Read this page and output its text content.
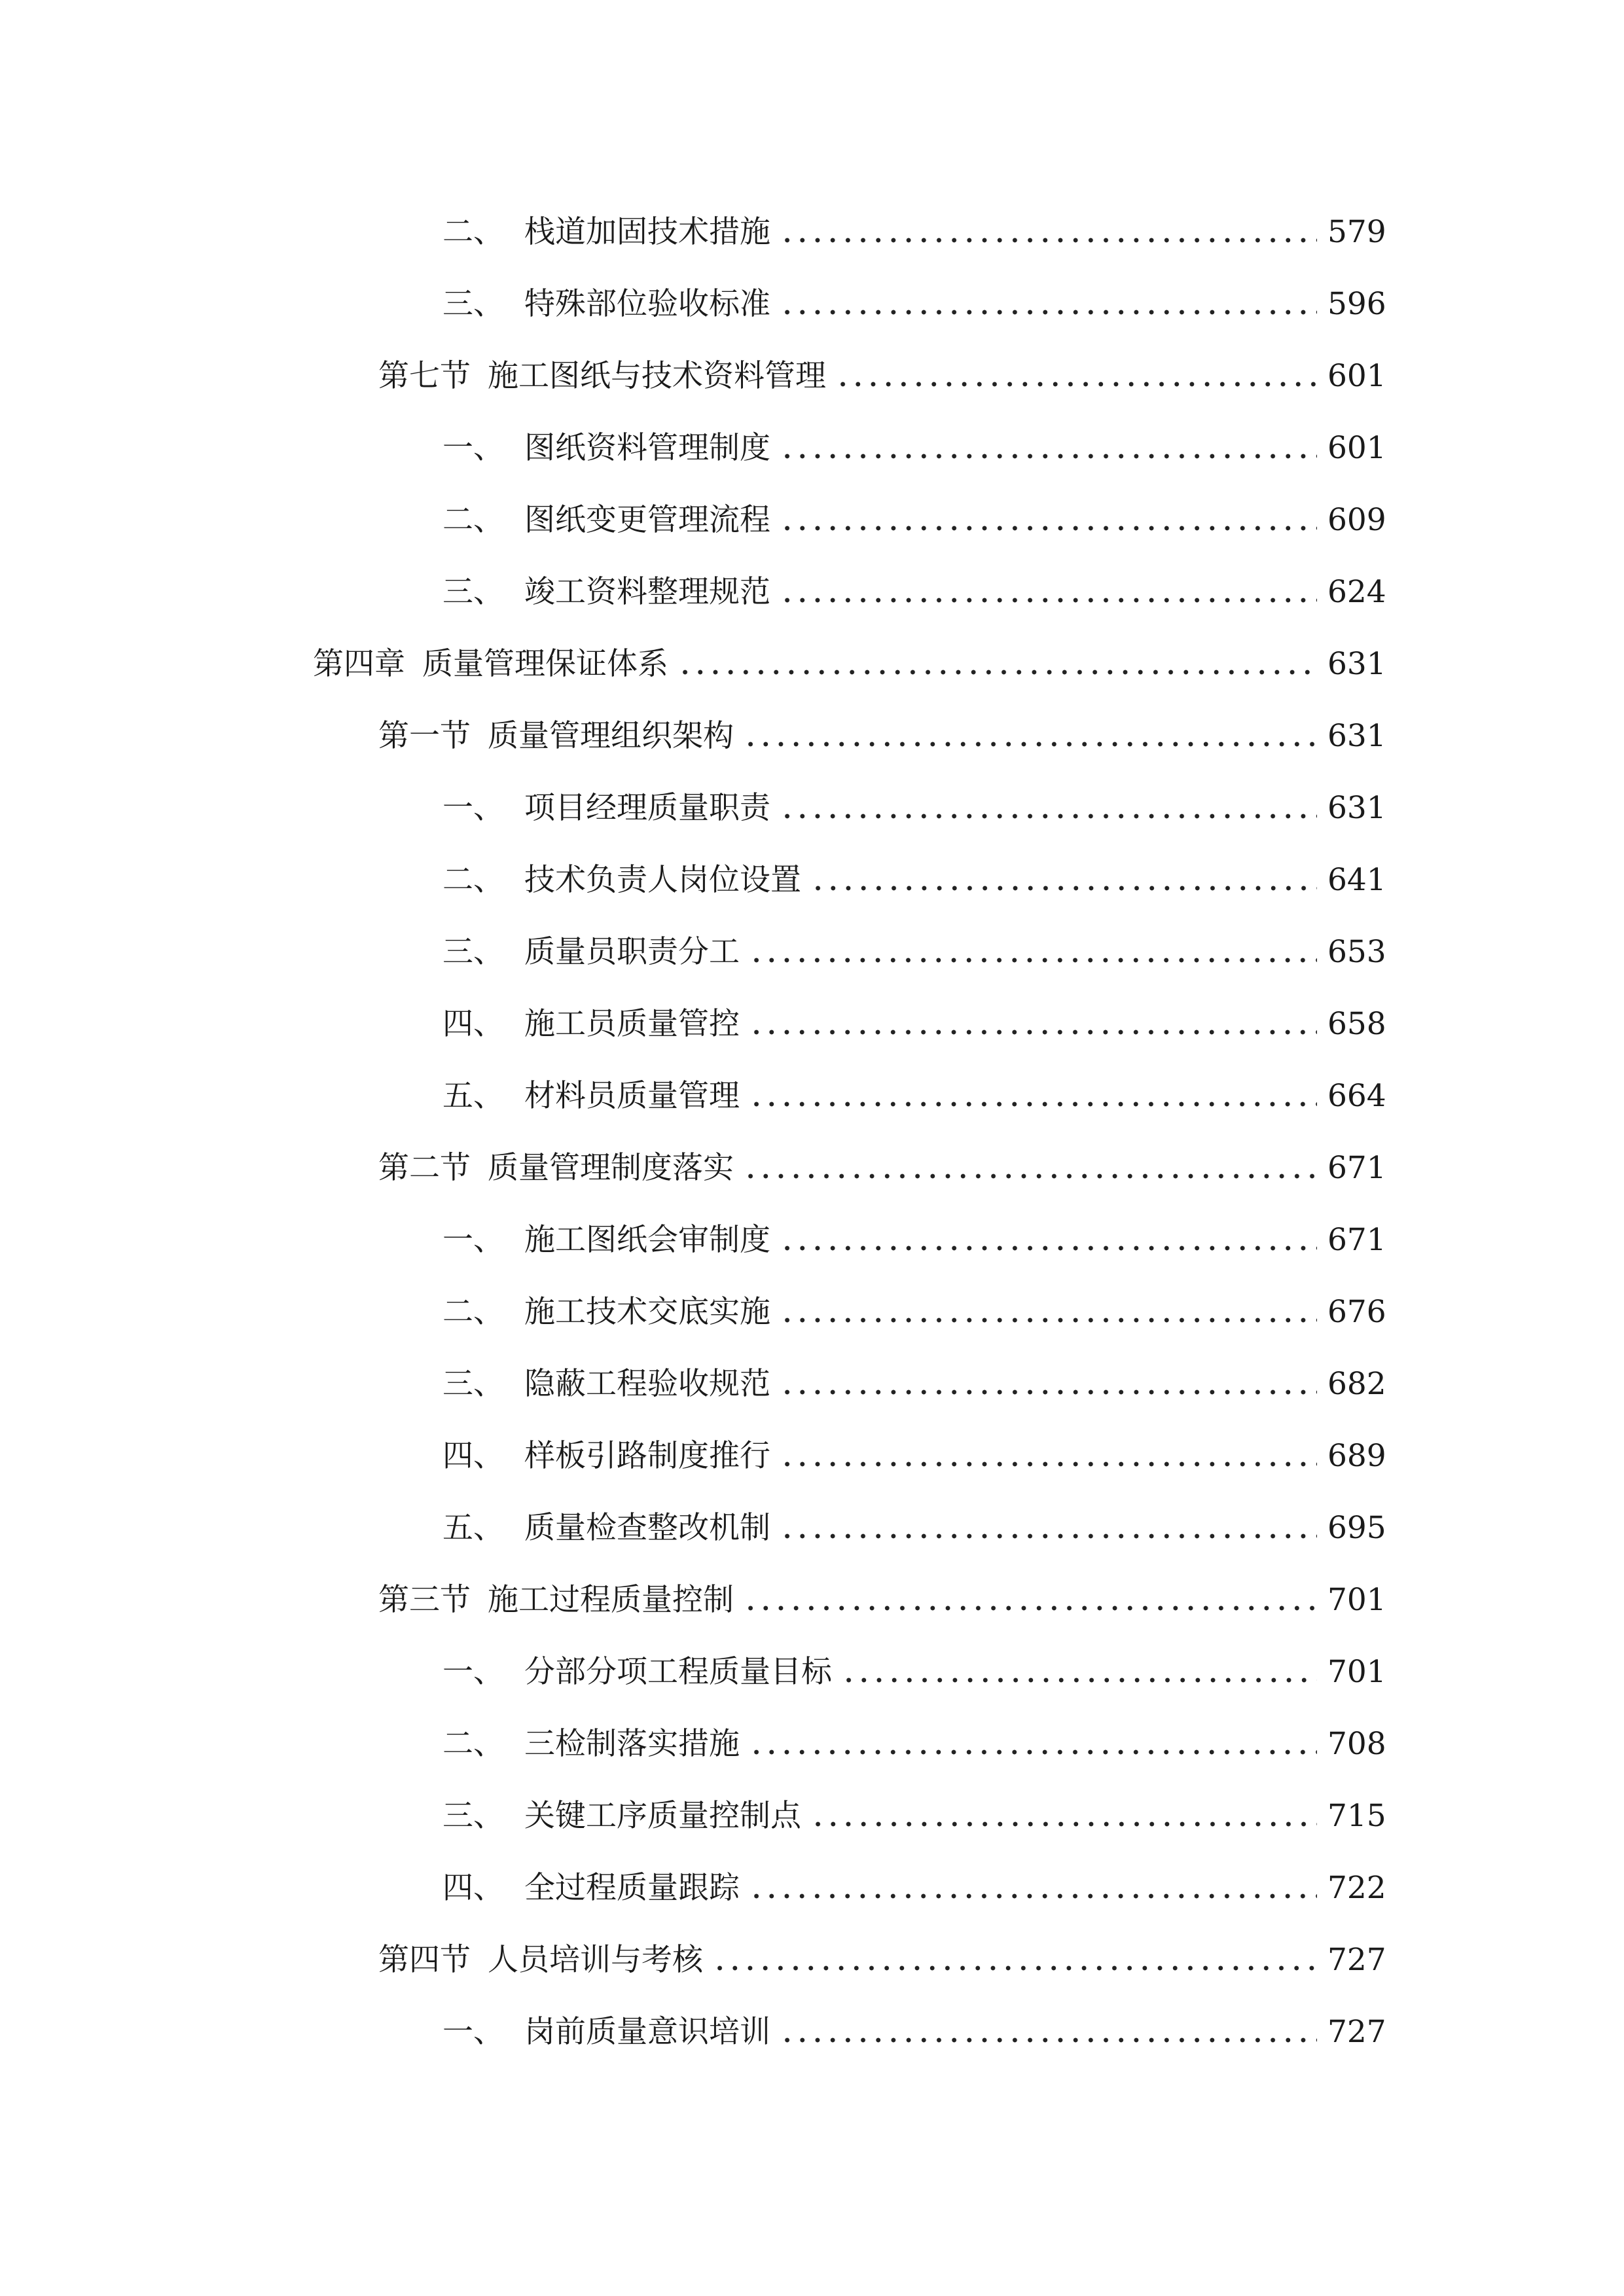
二、 栈道加固技术措施	579
三、 特殊部位验收标准	596
第七节 施工图纸与技术资料管理	601
一、 图纸资料管理制度	601
二、 图纸变更管理流程	609
三、 竣工资料整理规范	624
第四章 质量管理保证体系	631
第一节 质量管理组织架构	631
一、 项目经理质量职责	631
二、 技术负责人岗位设置	641
三、 质量员职责分工	653
四、 施工员质量管控	658
五、 材料员质量管理	664
第二节 质量管理制度落实	671
一、 施工图纸会审制度	671
二、 施工技术交底实施	676
三、 隐蔽工程验收规范	682
四、 样板引路制度推行	689
五、 质量检查整改机制	695
第三节 施工过程质量控制	701
一、 分部分项工程质量目标	701
二、 三检制落实措施	708
三、 关键工序质量控制点	715
四、 全过程质量跟踪	722
第四节 人员培训与考核	727
一、 岗前质量意识培训	727
